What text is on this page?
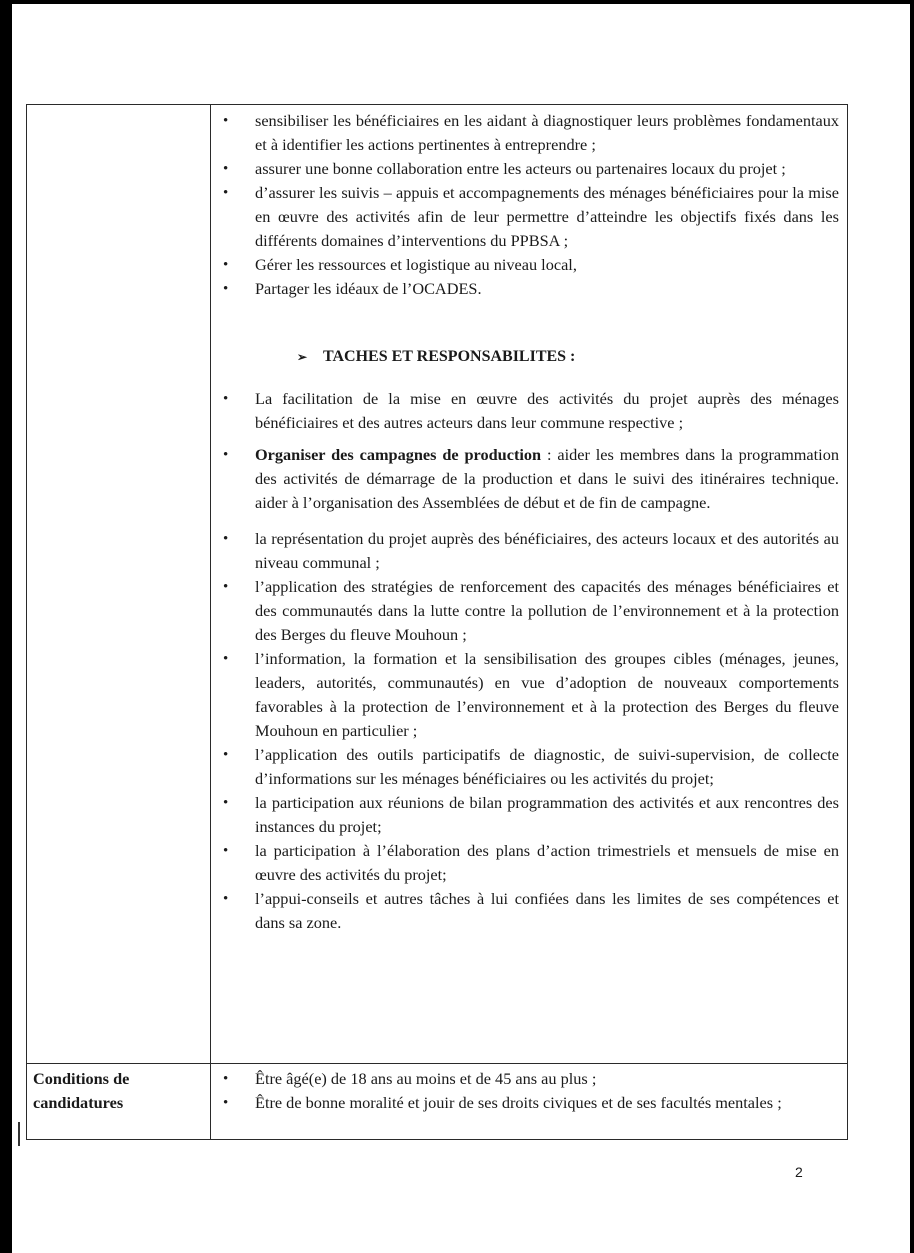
• sensibiliser les bénéficiaires en les aidant à diagnostiquer leurs problèmes fondamentaux et à identifier les actions pertinentes à entreprendre ;
• assurer une bonne collaboration entre les acteurs ou partenaires locaux du projet ;
• d’assurer les suivis – appuis et accompagnements des ménages bénéficiaires pour la mise en œuvre des activités afin de leur permettre d’atteindre les objectifs fixés dans les différents domaines d’interventions du PPBSA ;
• Gérer les ressources et logistique au niveau local,
• Partager les idéaux de l’OCADES.
➢ TACHES ET RESPONSABILITES :
• La facilitation de la mise en œuvre des activités du projet auprès des ménages bénéficiaires et des autres acteurs dans leur commune respective ;
• Organiser des campagnes de production : aider les membres dans la programmation des activités de démarrage de la production et dans le suivi des itinéraires technique. aider à l’organisation des Assemblées de début et de fin de campagne.
• la représentation du projet auprès des bénéficiaires, des acteurs locaux et des autorités au niveau communal ;
• l’application des stratégies de renforcement des capacités des ménages bénéficiaires et des communautés dans la lutte contre la pollution de l’environnement et à la protection des Berges du fleuve Mouhoun ;
• l’information, la formation et la sensibilisation des groupes cibles (ménages, jeunes, leaders, autorités, communautés) en vue d’adoption de nouveaux comportements favorables à la protection de l’environnement et à la protection des Berges du fleuve Mouhoun en particulier ;
• l’application des outils participatifs de diagnostic, de suivi-supervision, de collecte d’informations sur les ménages bénéficiaires ou les activités du projet;
• la participation aux réunions de bilan programmation des activités et aux rencontres des instances du projet;
• la participation à l’élaboration des plans d’action trimestriels et mensuels de mise en œuvre des activités du projet;
• l’appui-conseils et autres tâches à lui confiées dans les limites de ses compétences et dans sa zone.
Conditions de
candidatures
• Être âgé(e) de 18 ans au moins et de 45 ans au plus ;
• Être de bonne moralité et jouir de ses droits civiques et de ses facultés mentales ;
2
